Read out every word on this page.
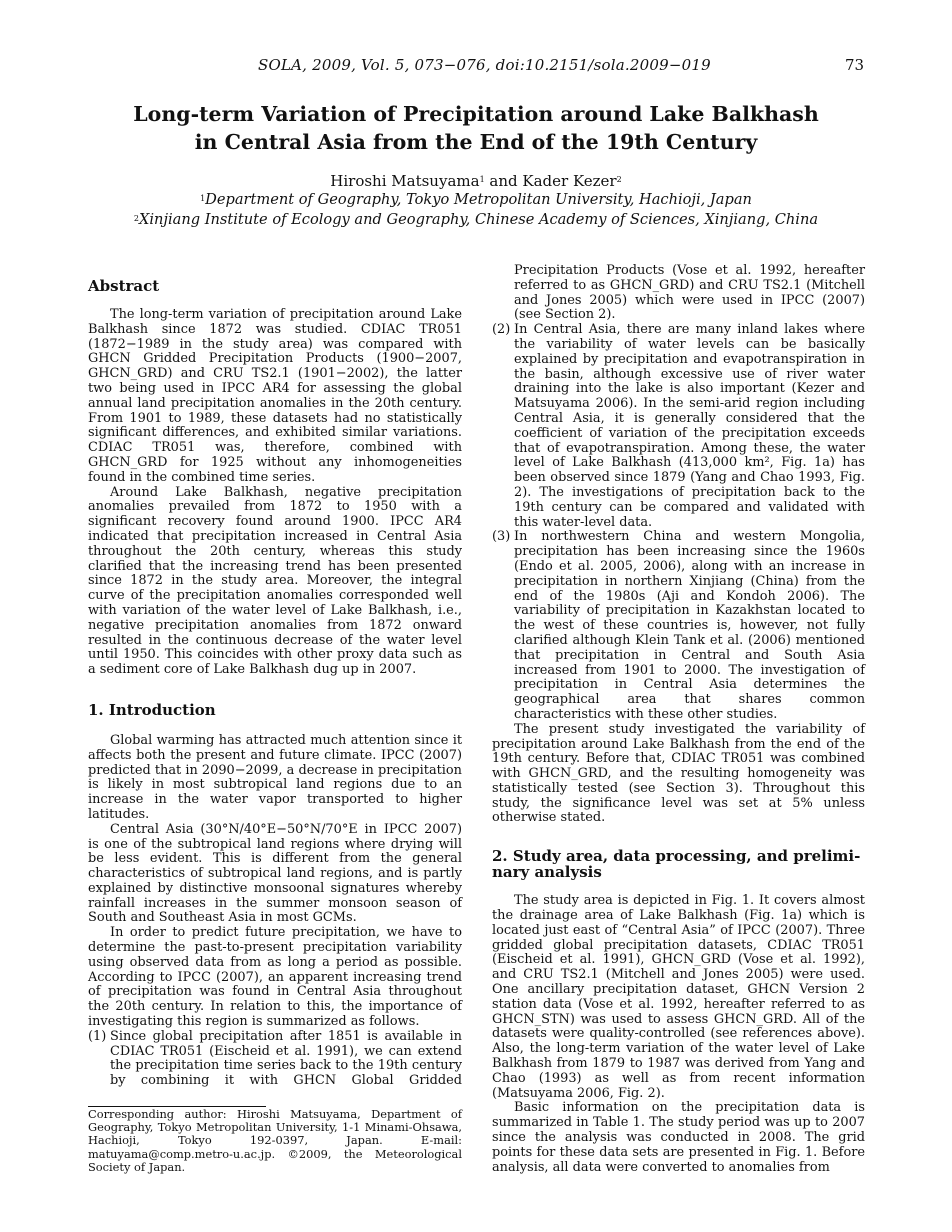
SOLA, 2009, Vol. 5, 073−076, doi:10.2151/sola.2009−019	73
Long-term Variation of Precipitation around Lake Balkhash
in Central Asia from the End of the 19th Century
Hiroshi Matsuyama$^1$ and Kader Kezer$^2$
$^1$Department of Geography, Tokyo Metropolitan University, Hachioji, Japan
$^2$Xinjiang Institute of Ecology and Geography, Chinese Academy of Sciences, Xinjiang, China
Abstract

The long-term variation of precipitation around Lake Balkhash since 1872 was studied. CDIAC TR051 (1872−1989 in the study area) was compared with GHCN Gridded Precipitation Products (1900−2007, GHCN_GRD) and CRU TS2.1 (1901−2002), the latter two being used in IPCC AR4 for assessing the global annual land precipitation anomalies in the 20th century. From 1901 to 1989, these datasets had no statistically significant differences, and exhibited similar variations. CDIAC TR051 was, therefore, combined with GHCN_GRD for 1925 without any inhomogeneities found in the combined time series.

Around Lake Balkhash, negative precipitation anomalies prevailed from 1872 to 1950 with a significant recovery found around 1900. IPCC AR4 indicated that precipitation increased in Central Asia throughout the 20th century, whereas this study clarified that the increasing trend has been presented since 1872 in the study area. Moreover, the integral curve of the precipitation anomalies corresponded well with variation of the water level of Lake Balkhash, i.e., negative precipitation anomalies from 1872 onward resulted in the continuous decrease of the water level until 1950. This coincides with other proxy data such as a sediment core of Lake Balkhash dug up in 2007.

1. Introduction

Global warming has attracted much attention since it affects both the present and future climate. IPCC (2007) predicted that in 2090−2099, a decrease in precipitation is likely in most subtropical land regions due to an increase in the water vapor transported to higher latitudes.

Central Asia (30°N/40°E−50°N/70°E in IPCC 2007) is one of the subtropical land regions where drying will be less evident. This is different from the general characteristics of subtropical land regions, and is partly explained by distinctive monsoonal signatures whereby rainfall increases in the summer monsoon season of South and Southeast Asia in most GCMs.

In order to predict future precipitation, we have to determine the past-to-present precipitation variability using observed data from as long a period as possible. According to IPCC (2007), an apparent increasing trend of precipitation was found in Central Asia throughout the 20th century. In relation to this, the importance of investigating this region is summarized as follows.

(1) Since global precipitation after 1851 is available in CDIAC TR051 (Eischeid et al. 1991), we can extend the precipitation time series back to the 19th century by combining it with GHCN Global Gridded

Corresponding author: Hiroshi Matsuyama, Department of Geography, Tokyo Metropolitan University, 1-1 Minami-Ohsawa, Hachioji, Tokyo 192-0397, Japan. E-mail: matuyama@comp.metro-u.ac.jp. ©2009, the Meteorological Society of Japan.

Precipitation Products (Vose et al. 1992, hereafter referred to as GHCN_GRD) and CRU TS2.1 (Mitchell and Jones 2005) which were used in IPCC (2007) (see Section 2).

(2) In Central Asia, there are many inland lakes where the variability of water levels can be basically explained by precipitation and evapotranspiration in the basin, although excessive use of river water draining into the lake is also important (Kezer and Matsuyama 2006). In the semi-arid region including Central Asia, it is generally considered that the coefficient of variation of the precipitation exceeds that of evapotranspiration. Among these, the water level of Lake Balkhash (413,000 km², Fig. 1a) has been observed since 1879 (Yang and Chao 1993, Fig. 2). The investigations of precipitation back to the 19th century can be compared and validated with this water-level data.

(3) In northwestern China and western Mongolia, precipitation has been increasing since the 1960s (Endo et al. 2005, 2006), along with an increase in precipitation in northern Xinjiang (China) from the end of the 1980s (Aji and Kondoh 2006). The variability of precipitation in Kazakhstan located to the west of these countries is, however, not fully clarified although Klein Tank et al. (2006) mentioned that precipitation in Central and South Asia increased from 1901 to 2000. The investigation of precipitation in Central Asia determines the geographical area that shares common characteristics with these other studies.

The present study investigated the variability of precipitation around Lake Balkhash from the end of the 19th century. Before that, CDIAC TR051 was combined with GHCN_GRD, and the resulting homogeneity was statistically tested (see Section 3). Throughout this study, the significance level was set at 5% unless otherwise stated.

2. Study area, data processing, and prelimi-
nary analysis

The study area is depicted in Fig. 1. It covers almost the drainage area of Lake Balkhash (Fig. 1a) which is located just east of “Central Asia” of IPCC (2007). Three gridded global precipitation datasets, CDIAC TR051 (Eischeid et al. 1991), GHCN_GRD (Vose et al. 1992), and CRU TS2.1 (Mitchell and Jones 2005) were used. One ancillary precipitation dataset, GHCN Version 2 station data (Vose et al. 1992, hereafter referred to as GHCN_STN) was used to assess GHCN_GRD. All of the datasets were quality-controlled (see references above). Also, the long-term variation of the water level of Lake Balkhash from 1879 to 1987 was derived from Yang and Chao (1993) as well as from recent information (Matsuyama 2006, Fig. 2).

Basic information on the precipitation data is summarized in Table 1. The study period was up to 2007 since the analysis was conducted in 2008. The grid points for these data sets are presented in Fig. 1. Before analysis, all data were converted to anomalies from
